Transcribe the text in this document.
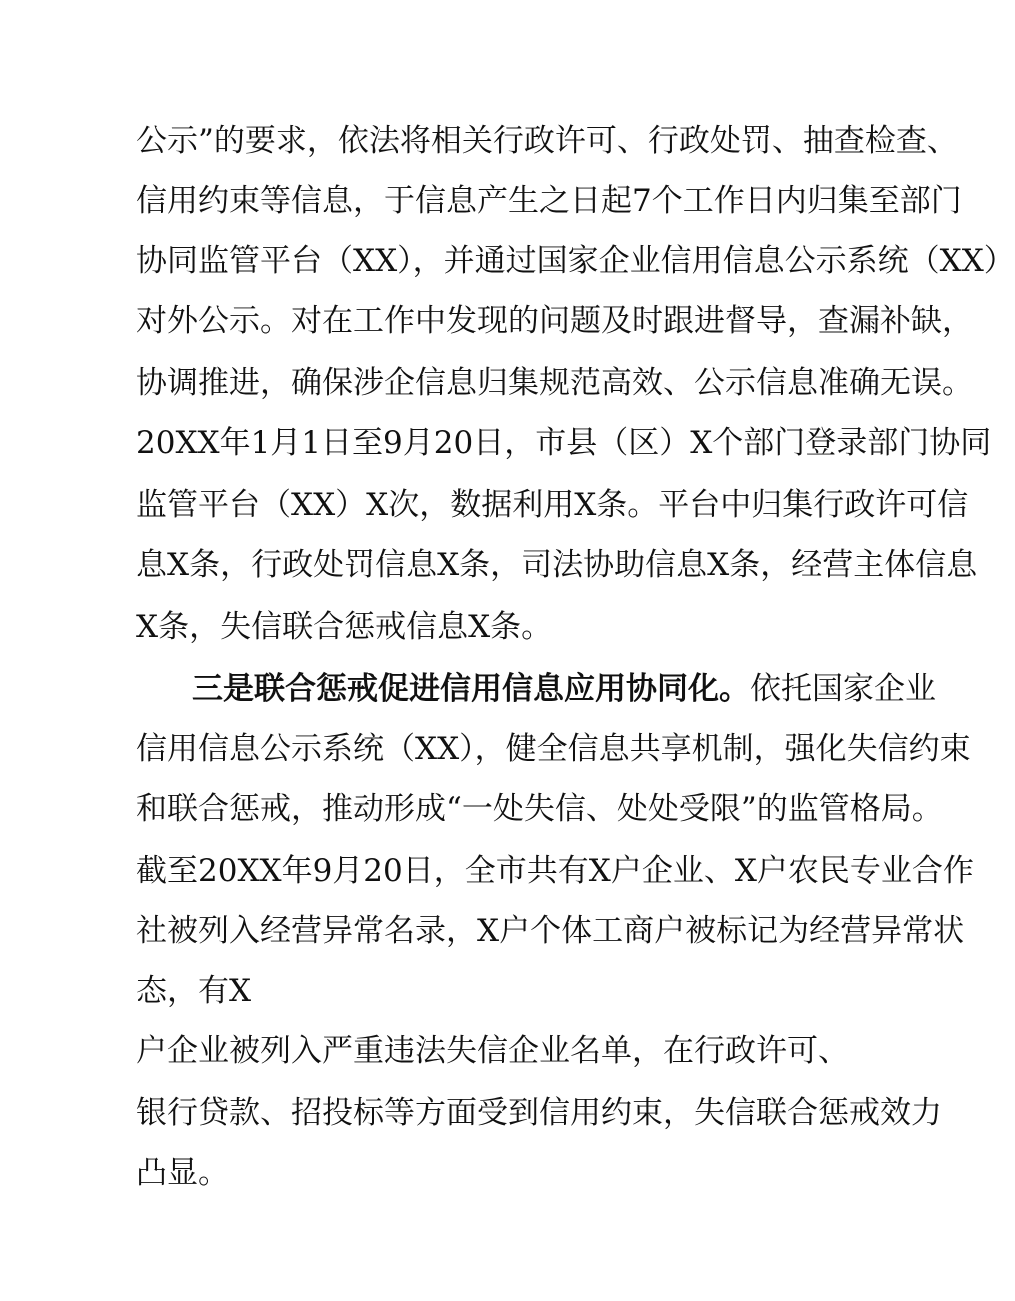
公示”的要求，依法将相关行政许可、行政处罚、抽查检查、
信用约束等信息，于信息产生之日起7个工作日内归集至部门
协同监管平台（XX），并通过国家企业信用信息公示系统（XX）
对外公示。对在工作中发现的问题及时跟进督导，查漏补缺，
协调推进，确保涉企信息归集规范高效、公示信息准确无误。
20XX年1月1日至9月20日，市县（区）X个部门登录部门协同
监管平台（XX）X次，数据利用X条。平台中归集行政许可信
息X条，行政处罚信息X条，司法协助信息X条，经营主体信息
X条，失信联合惩戒信息X条。
三是联合惩戒促进信用信息应用协同化。依托国家企业
信用信息公示系统（XX），健全信息共享机制，强化失信约束
和联合惩戒，推动形成“一处失信、处处受限”的监管格局。
截至20XX年9月20日，全市共有X户企业、X户农民专业合作
社被列入经营异常名录，X户个体工商户被标记为经营异常状
态，有X
户企业被列入严重违法失信企业名单，在行政许可、
银行贷款、招投标等方面受到信用约束，失信联合惩戒效力
凸显。
